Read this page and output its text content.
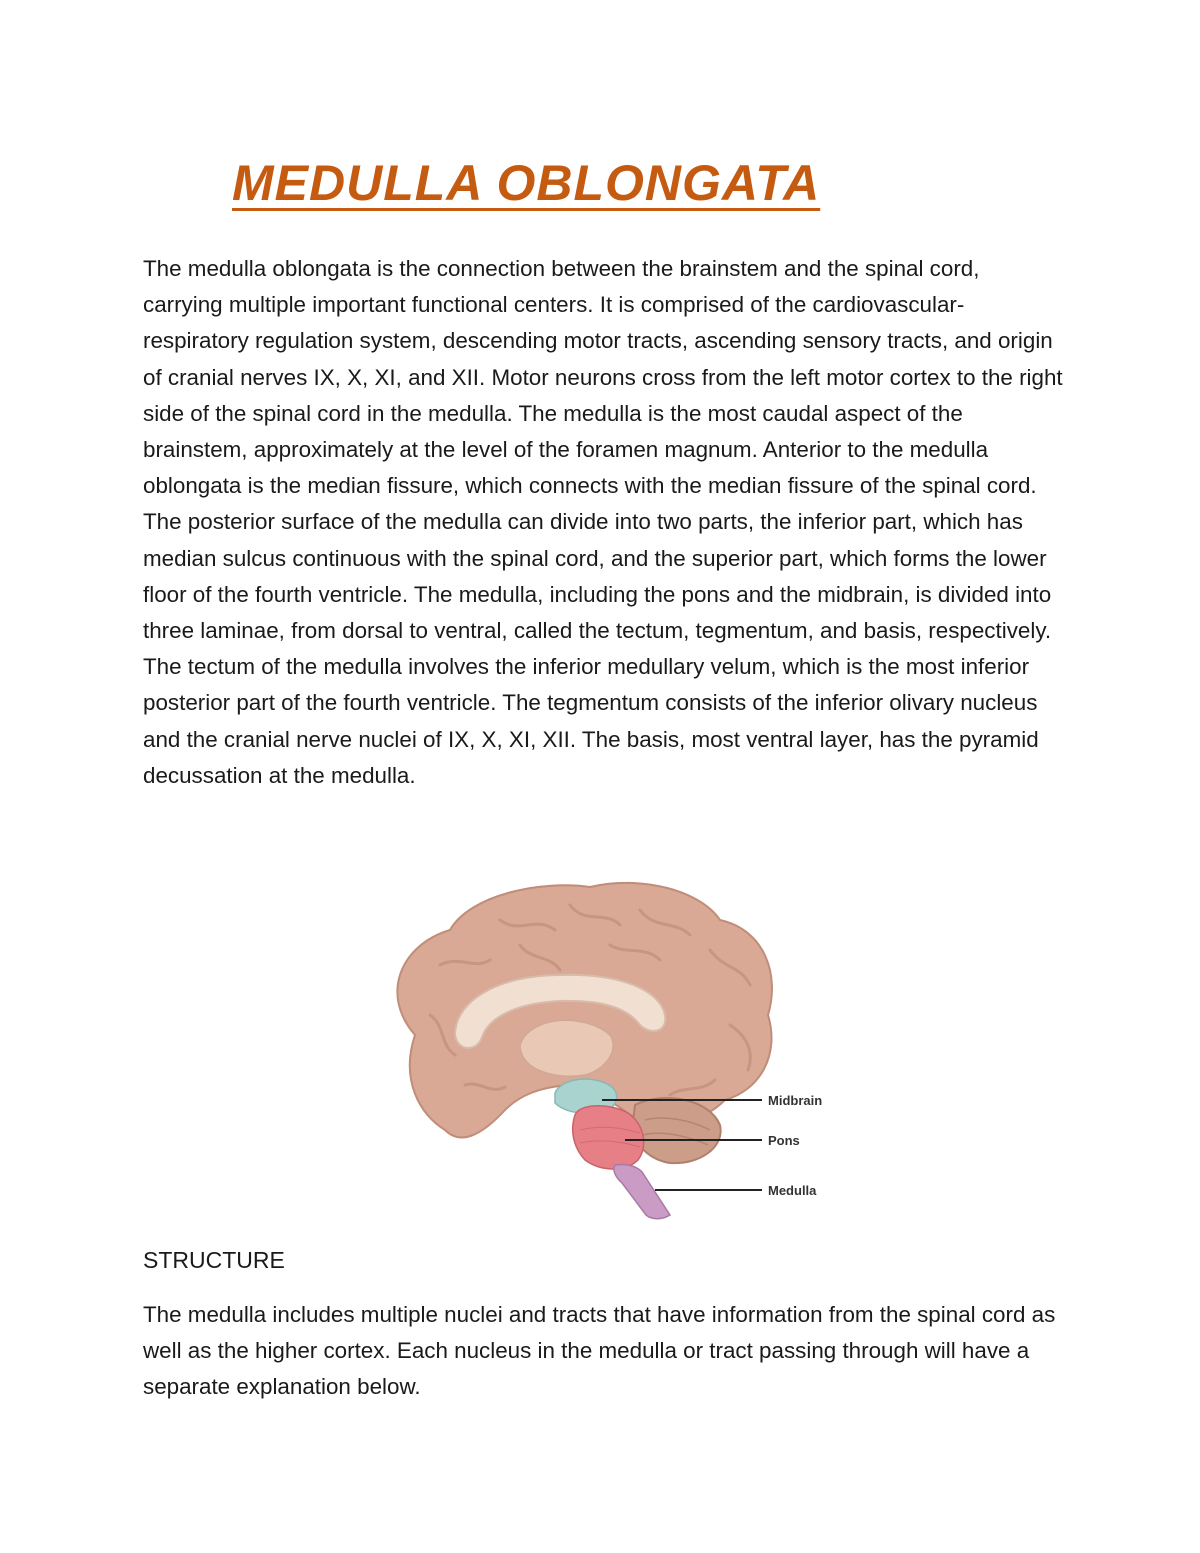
MEDULLA OBLONGATA
The medulla oblongata is the connection between the brainstem and the spinal cord, carrying multiple important functional centers. It is comprised of the cardiovascular-respiratory regulation system, descending motor tracts, ascending sensory tracts, and origin of cranial nerves IX, X, XI, and XII. Motor neurons cross from the left motor cortex to the right side of the spinal cord in the medulla. The medulla is the most caudal aspect of the brainstem, approximately at the level of the foramen magnum. Anterior to the medulla oblongata is the median fissure, which connects with the median fissure of the spinal cord. The posterior surface of the medulla can divide into two parts, the inferior part, which has median sulcus continuous with the spinal cord, and the superior part, which forms the lower floor of the fourth ventricle. The medulla, including the pons and the midbrain, is divided into three laminae, from dorsal to ventral, called the tectum, tegmentum, and basis, respectively. The tectum of the medulla involves the inferior medullary velum, which is the most inferior posterior part of the fourth ventricle. The tegmentum consists of the inferior olivary nucleus and the cranial nerve nuclei of IX, X, XI, XII. The basis, most ventral layer, has the pyramid decussation at the medulla.
Midbrain
Pons
Medulla
STRUCTURE
The medulla includes multiple nuclei and tracts that have information from the spinal cord as well as the higher cortex. Each nucleus in the medulla or tract passing through will have a separate explanation below.
